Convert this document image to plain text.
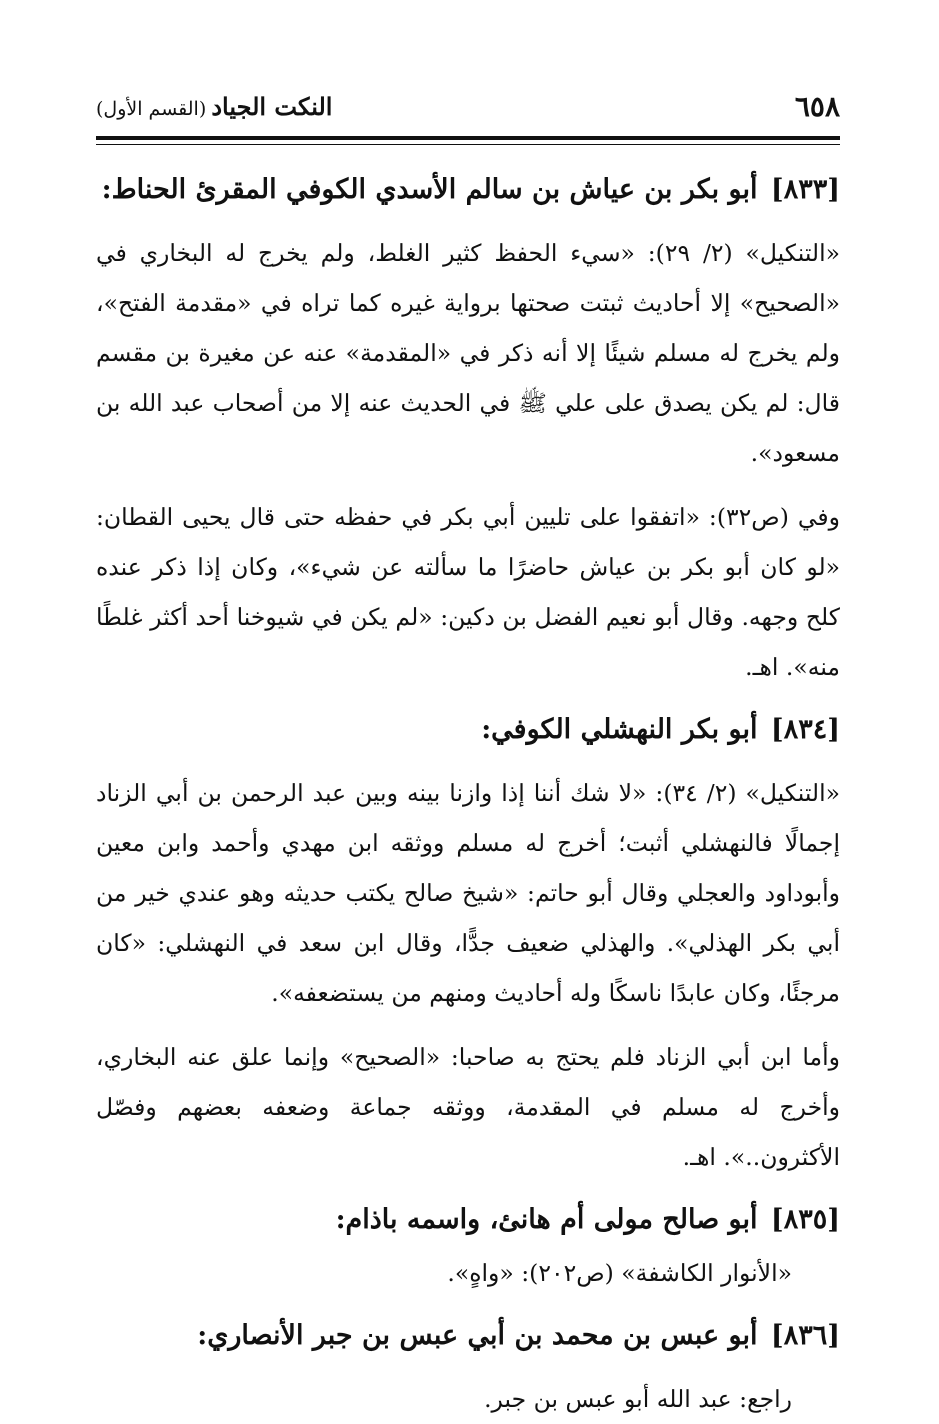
٦٥٨
النكت الجياد (القسم الأول)

[٨٣٣] أبو بكر بن عياش بن سالم الأسدي الكوفي المقرئ الحناط:

«التنكيل» (٢/ ٢٩): «سيء الحفظ كثير الغلط، ولم يخرج له البخاري في «الصحيح» إلا أحاديث ثبتت صحتها برواية غيره كما تراه في «مقدمة الفتح»، ولم يخرج له مسلم شيئًا إلا أنه ذكر في «المقدمة» عنه عن مغيرة بن مقسم قال: لم يكن يصدق على علي ﷺ في الحديث عنه إلا من أصحاب عبد الله بن مسعود».

وفي (ص٣٢): «اتفقوا على تليين أبي بكر في حفظه حتى قال يحيى القطان: «لو كان أبو بكر بن عياش حاضرًا ما سألته عن شيء»، وكان إذا ذكر عنده كلح وجهه. وقال أبو نعيم الفضل بن دكين: «لم يكن في شيوخنا أحد أكثر غلطًا منه». اهـ.

[٨٣٤] أبو بكر النهشلي الكوفي:

«التنكيل» (٢/ ٣٤): «لا شك أننا إذا وازنا بينه وبين عبد الرحمن بن أبي الزناد إجمالًا فالنهشلي أثبت؛ أخرج له مسلم ووثقه ابن مهدي وأحمد وابن معين وأبوداود والعجلي وقال أبو حاتم: «شيخ صالح يكتب حديثه وهو عندي خير من أبي بكر الهذلي». والهذلي ضعيف جدًّا، وقال ابن سعد في النهشلي: «كان مرجئًا، وكان عابدًا ناسكًا وله أحاديث ومنهم من يستضعفه».

وأما ابن أبي الزناد فلم يحتج به صاحبا: «الصحيح» وإنما علق عنه البخاري، وأخرج له مسلم في المقدمة، ووثقه جماعة وضعفه بعضهم وفصّل الأكثرون..». اهـ.

[٨٣٥] أبو صالح مولى أم هانئ، واسمه باذام:

«الأنوار الكاشفة» (ص٢٠٢): «واهٍ».

[٨٣٦] أبو عبس بن محمد بن أبي عبس بن جبر الأنصاري:

راجع: عبد الله أبو عبس بن جبر.
